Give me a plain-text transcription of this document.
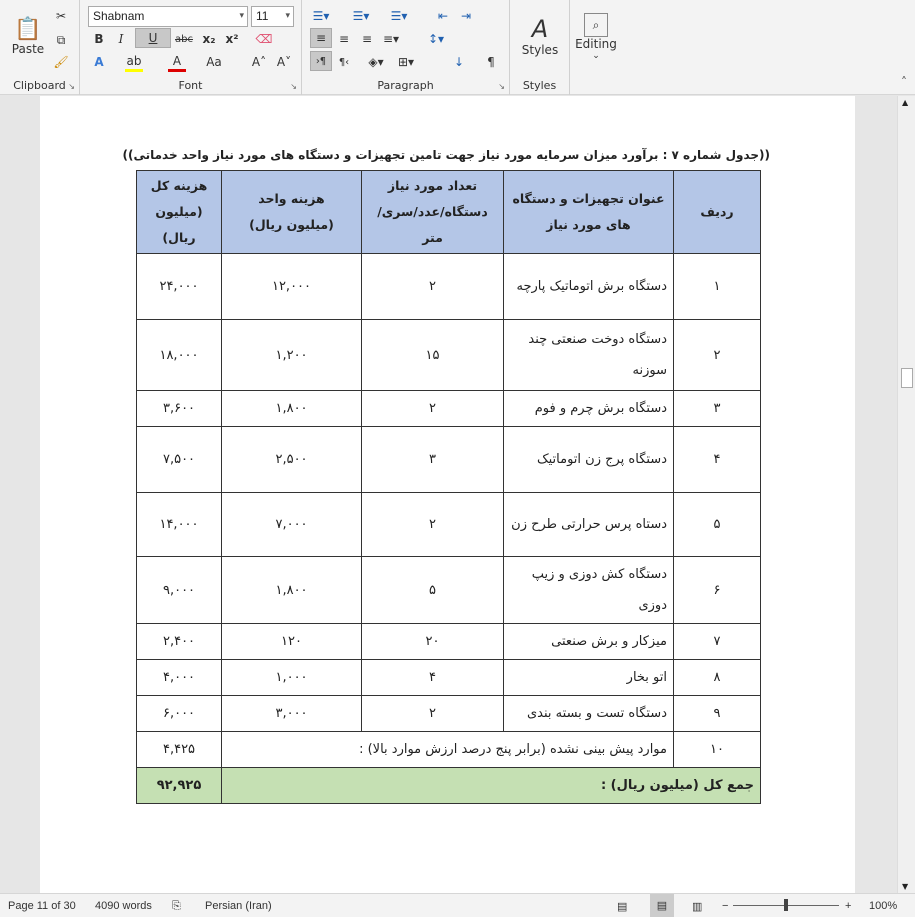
📋
Paste
✂
⧉
🖌
Clipboard ↘
Shabnam	▾	11 ▾
B	I	U	abc x₂ x² ⌫
A	ab	A	Aa	A˄ A˅
Font	↘
☰▾ ☰▾ ☰▾	⇤	⇥
≡	≡	≡ ≡▾ ↕▾
›¶	¶‹	◈▾ ⊞▾	↓	¶
Paragraph	↘
A
Styles
Styles
⌕
Editing
⌄
˄
((جدول شماره ۷ : برآورد میزان سرمایه مورد نیاز جهت تامین تجهیزات و دستگاه های مورد نیاز واحد خدماتی))
ردیف	عنوان تجهیزات و دستگاه های مورد نیاز	تعداد مورد نیاز
دستگاه/عدد/سری/متر	هزینه واحد
(میلیون ریال)	هزینه کل (میلیون ریال)
۱	دستگاه برش اتوماتیک پارچه	۲	۱۲,۰۰۰	۲۴,۰۰۰
۲	دستگاه دوخت صنعتی چند سوزنه	۱۵	۱,۲۰۰	۱۸,۰۰۰
۳	دستگاه برش چرم و فوم	۲	۱,۸۰۰	۳,۶۰۰
۴	دستگاه پرج زن اتوماتیک	۳	۲,۵۰۰	۷,۵۰۰
۵	دستاه پرس حرارتی طرح زن	۲	۷,۰۰۰	۱۴,۰۰۰
۶	دستگاه کش دوزی و زیپ دوزی	۵	۱,۸۰۰	۹,۰۰۰
۷	میزکار و برش صنعتی	۲۰	۱۲۰	۲,۴۰۰
۸	اتو بخار	۴	۱,۰۰۰	۴,۰۰۰
۹	دستگاه تست و بسته بندی	۲	۳,۰۰۰	۶,۰۰۰
۱۰	موارد پیش بینی نشده (برابر پنج درصد ارزش موارد بالا) :			۴,۴۲۵
جمع کل (میلیون ریال) :				۹۲,۹۲۵
▲
▼
Page 11 of 30 4090 words ⎘ Persian (Iran)	▤	▤	▥ −	+ 100%
